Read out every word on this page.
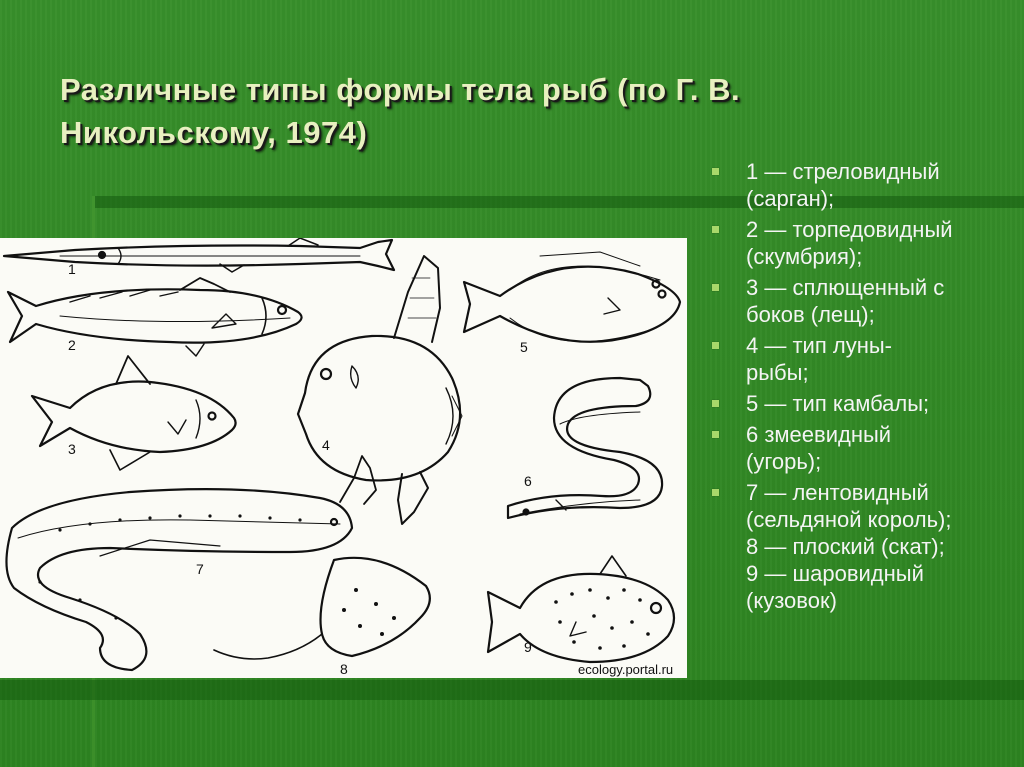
Различные типы формы тела рыб (по Г. В.
Никольскому, 1974)
1
2
3	4
5
6
7
8
9
ecology.portal.ru
1 — стреловидный
(сарган);
2 — торпедовидный
(скумбрия);
3 — сплющенный с
боков (лещ);
4 — тип луны-
рыбы;
5 — тип камбалы;
6 змеевидный
(угорь);
7 — лентовидный
(сельдяной король);
8 — плоский (скат);
9 — шаровидный
(кузовок)
